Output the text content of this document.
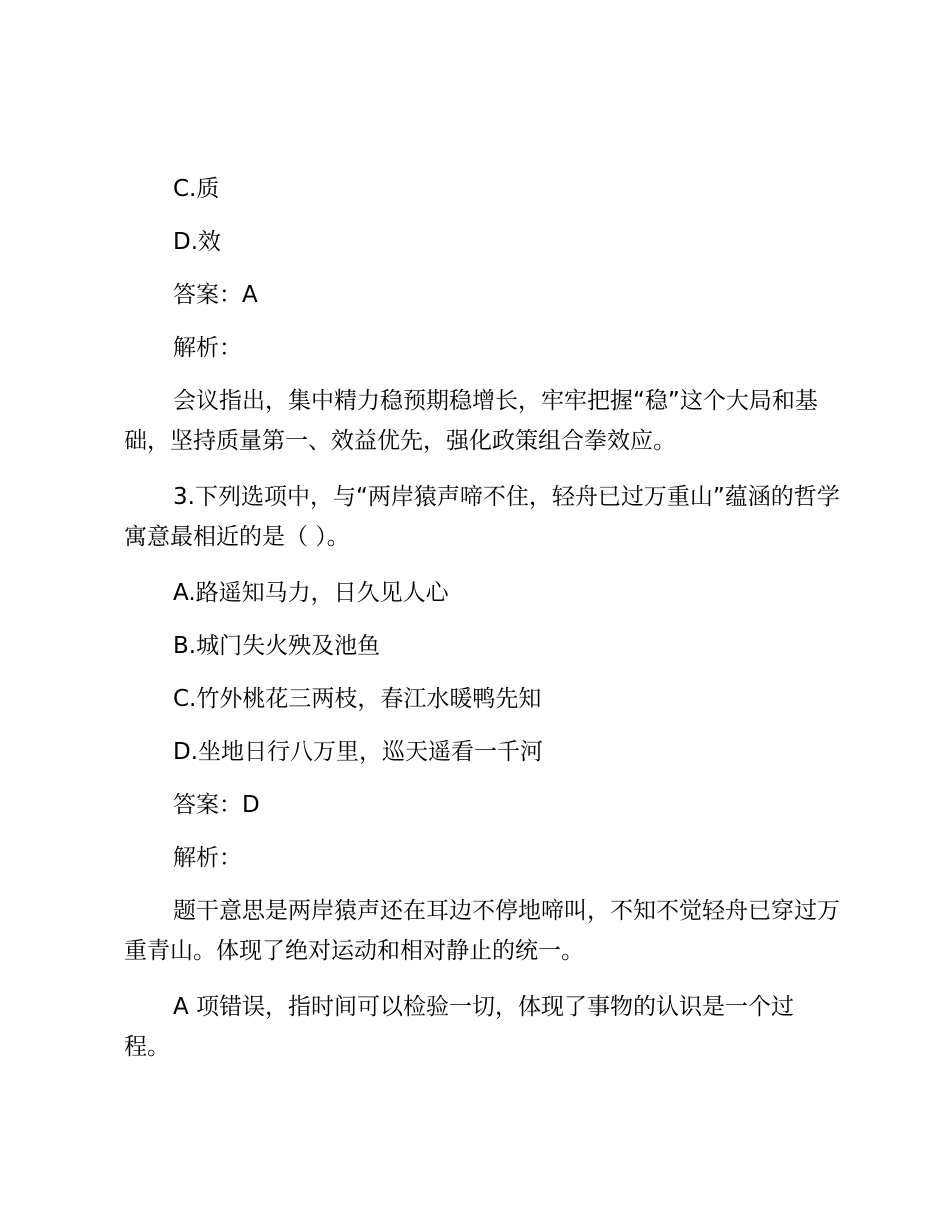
C.质

D.效

答案：A

解析：

会议指出，集中精力稳预期稳增长，牢牢把握“稳”这个大局和基础，坚持质量第一、效益优先，强化政策组合拳效应。

3.下列选项中，与“两岸猿声啼不住，轻舟已过万重山”蕴涵的哲学寓意最相近的是（ ）。

A.路遥知马力，日久见人心

B.城门失火殃及池鱼

C.竹外桃花三两枝，春江水暖鸭先知

D.坐地日行八万里，巡天遥看一千河

答案：D

解析：

题干意思是两岸猿声还在耳边不停地啼叫，不知不觉轻舟已穿过万重青山。体现了绝对运动和相对静止的统一。

A 项错误，指时间可以检验一切，体现了事物的认识是一个过程。
